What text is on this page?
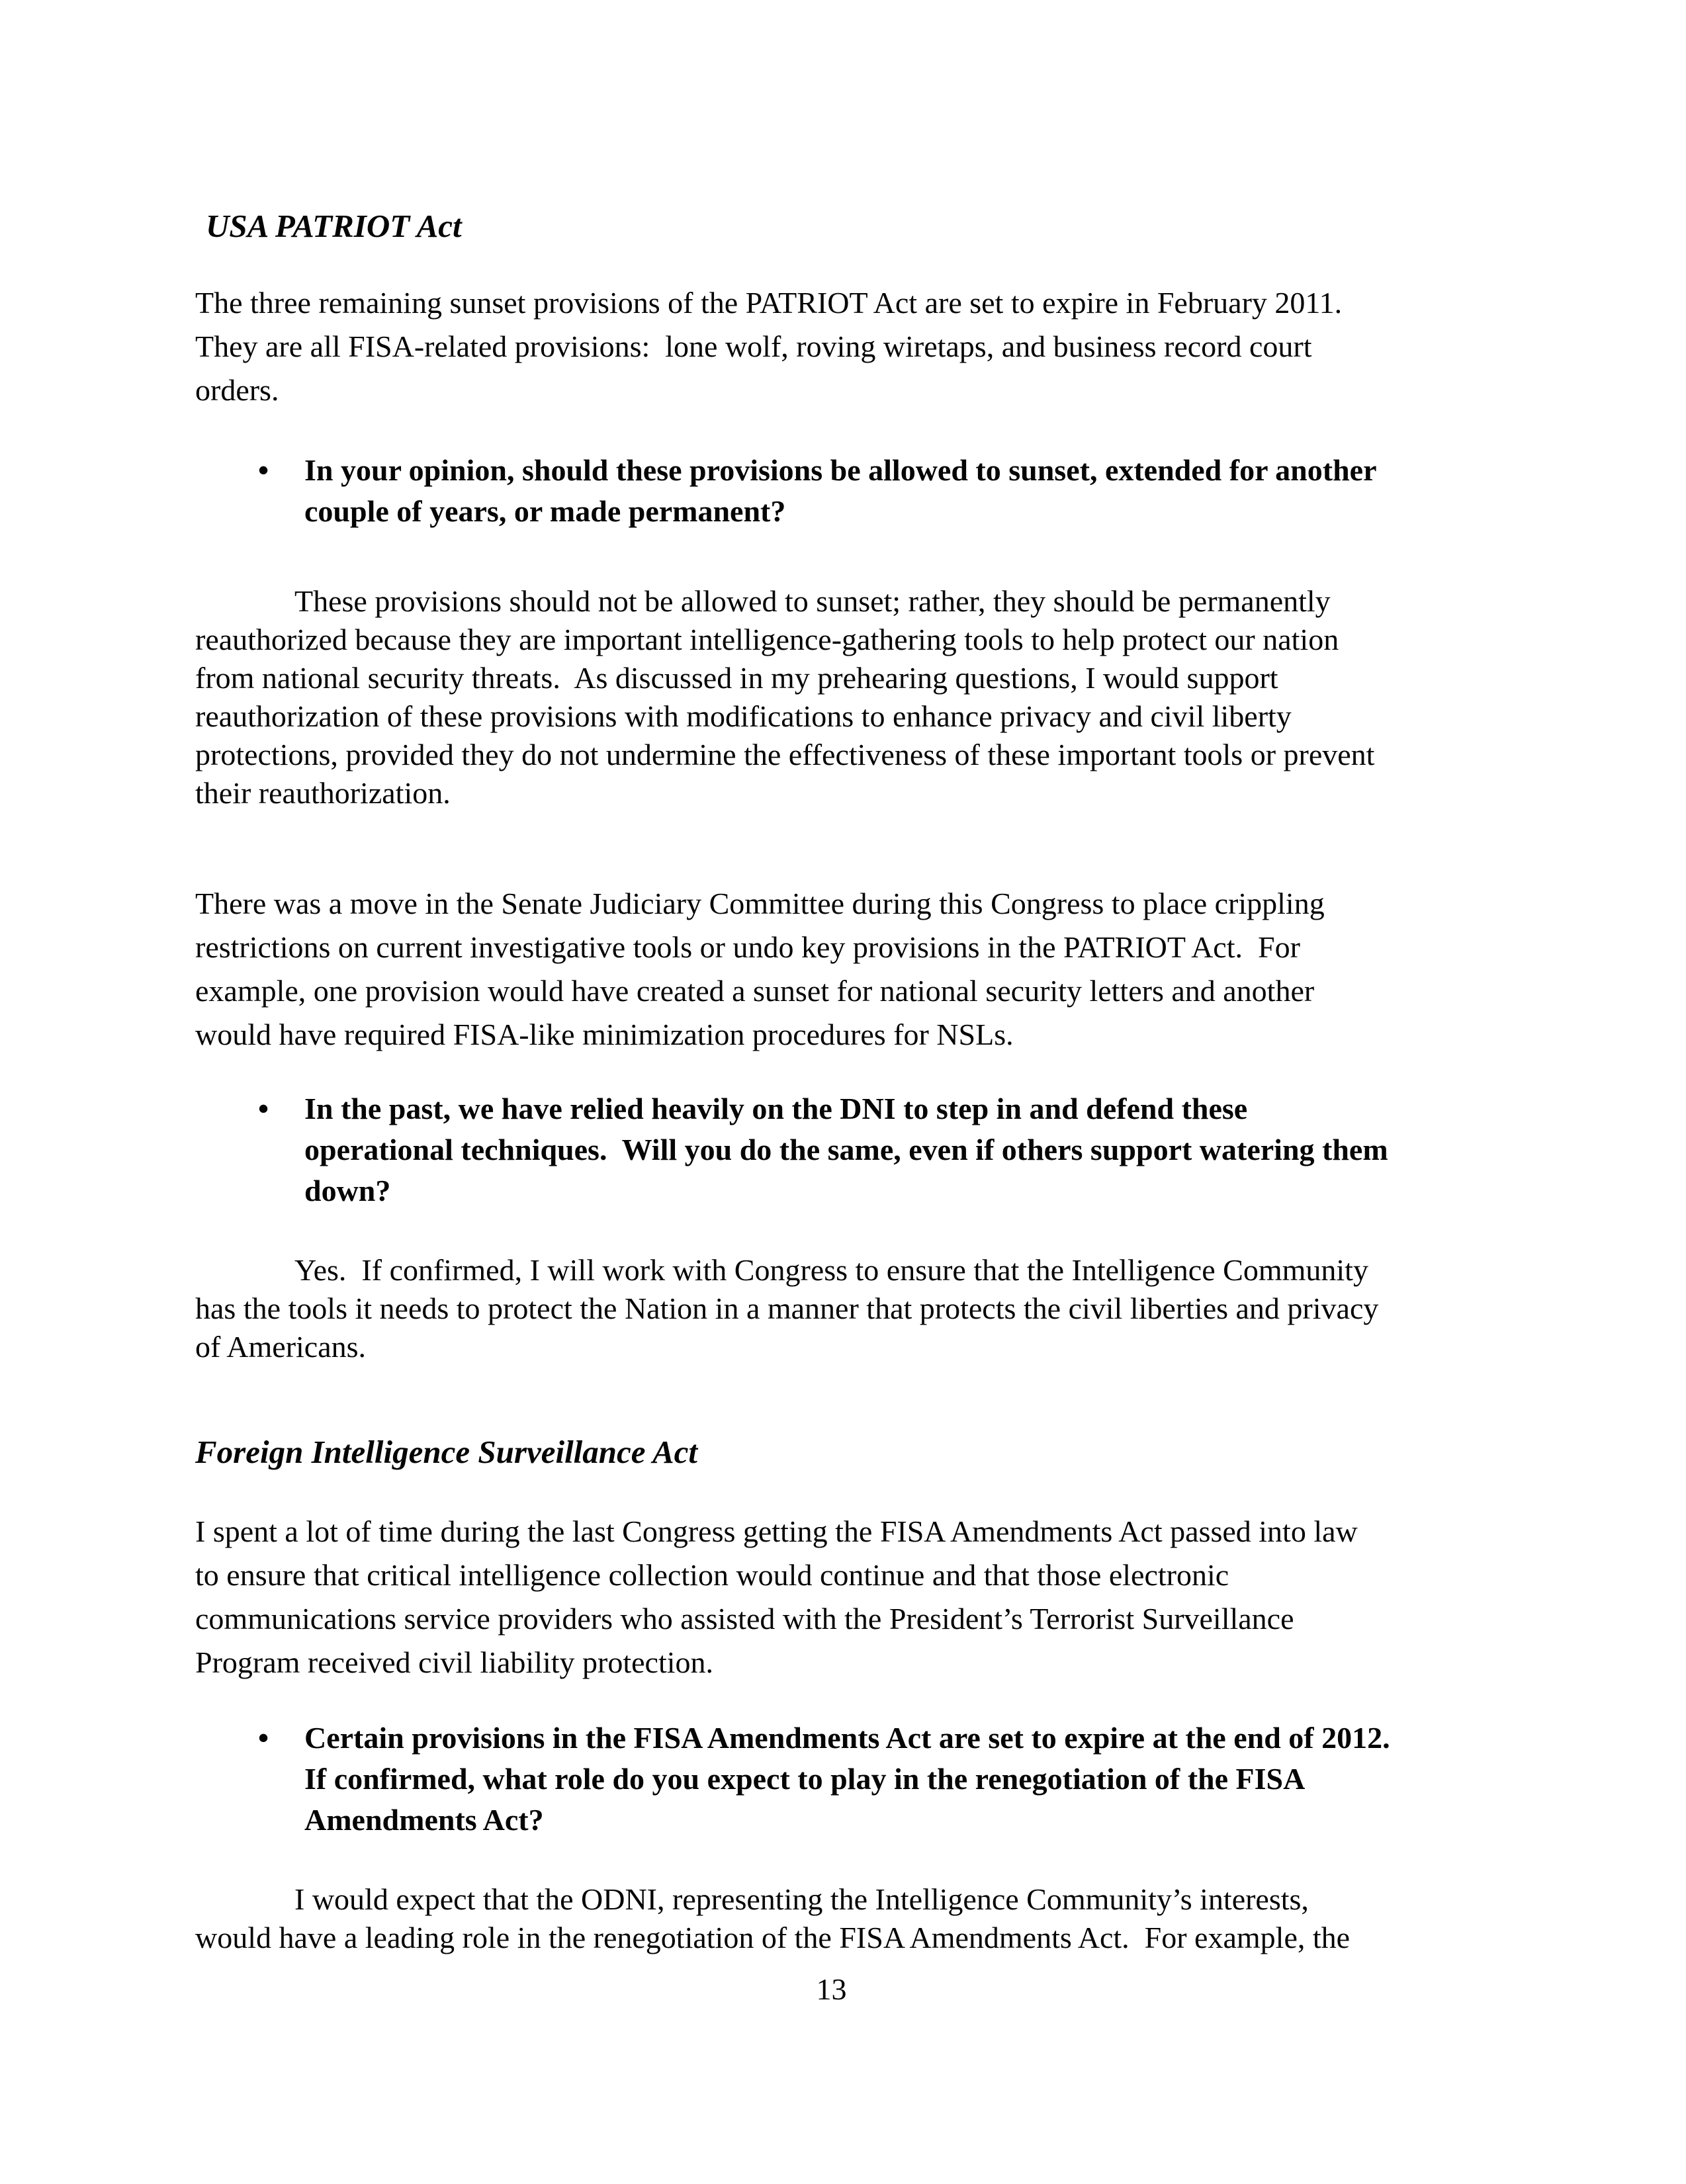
USA PATRIOT Act
The three remaining sunset provisions of the PATRIOT Act are set to expire in February 2011.
They are all FISA-related provisions:  lone wolf, roving wiretaps, and business record court
orders.
•	In your opinion, should these provisions be allowed to sunset, extended for another
couple of years, or made permanent?
These provisions should not be allowed to sunset; rather, they should be permanently
reauthorized because they are important intelligence-gathering tools to help protect our nation
from national security threats.  As discussed in my prehearing questions, I would support
reauthorization of these provisions with modifications to enhance privacy and civil liberty
protections, provided they do not undermine the effectiveness of these important tools or prevent
their reauthorization.
There was a move in the Senate Judiciary Committee during this Congress to place crippling
restrictions on current investigative tools or undo key provisions in the PATRIOT Act.  For
example, one provision would have created a sunset for national security letters and another
would have required FISA-like minimization procedures for NSLs.
•	In the past, we have relied heavily on the DNI to step in and defend these
operational techniques.  Will you do the same, even if others support watering them
down?
Yes.  If confirmed, I will work with Congress to ensure that the Intelligence Community
has the tools it needs to protect the Nation in a manner that protects the civil liberties and privacy
of Americans.
Foreign Intelligence Surveillance Act
I spent a lot of time during the last Congress getting the FISA Amendments Act passed into law
to ensure that critical intelligence collection would continue and that those electronic
communications service providers who assisted with the President’s Terrorist Surveillance
Program received civil liability protection.
•	Certain provisions in the FISA Amendments Act are set to expire at the end of 2012.
If confirmed, what role do you expect to play in the renegotiation of the FISA
Amendments Act?
I would expect that the ODNI, representing the Intelligence Community’s interests,
would have a leading role in the renegotiation of the FISA Amendments Act.  For example, the
13
